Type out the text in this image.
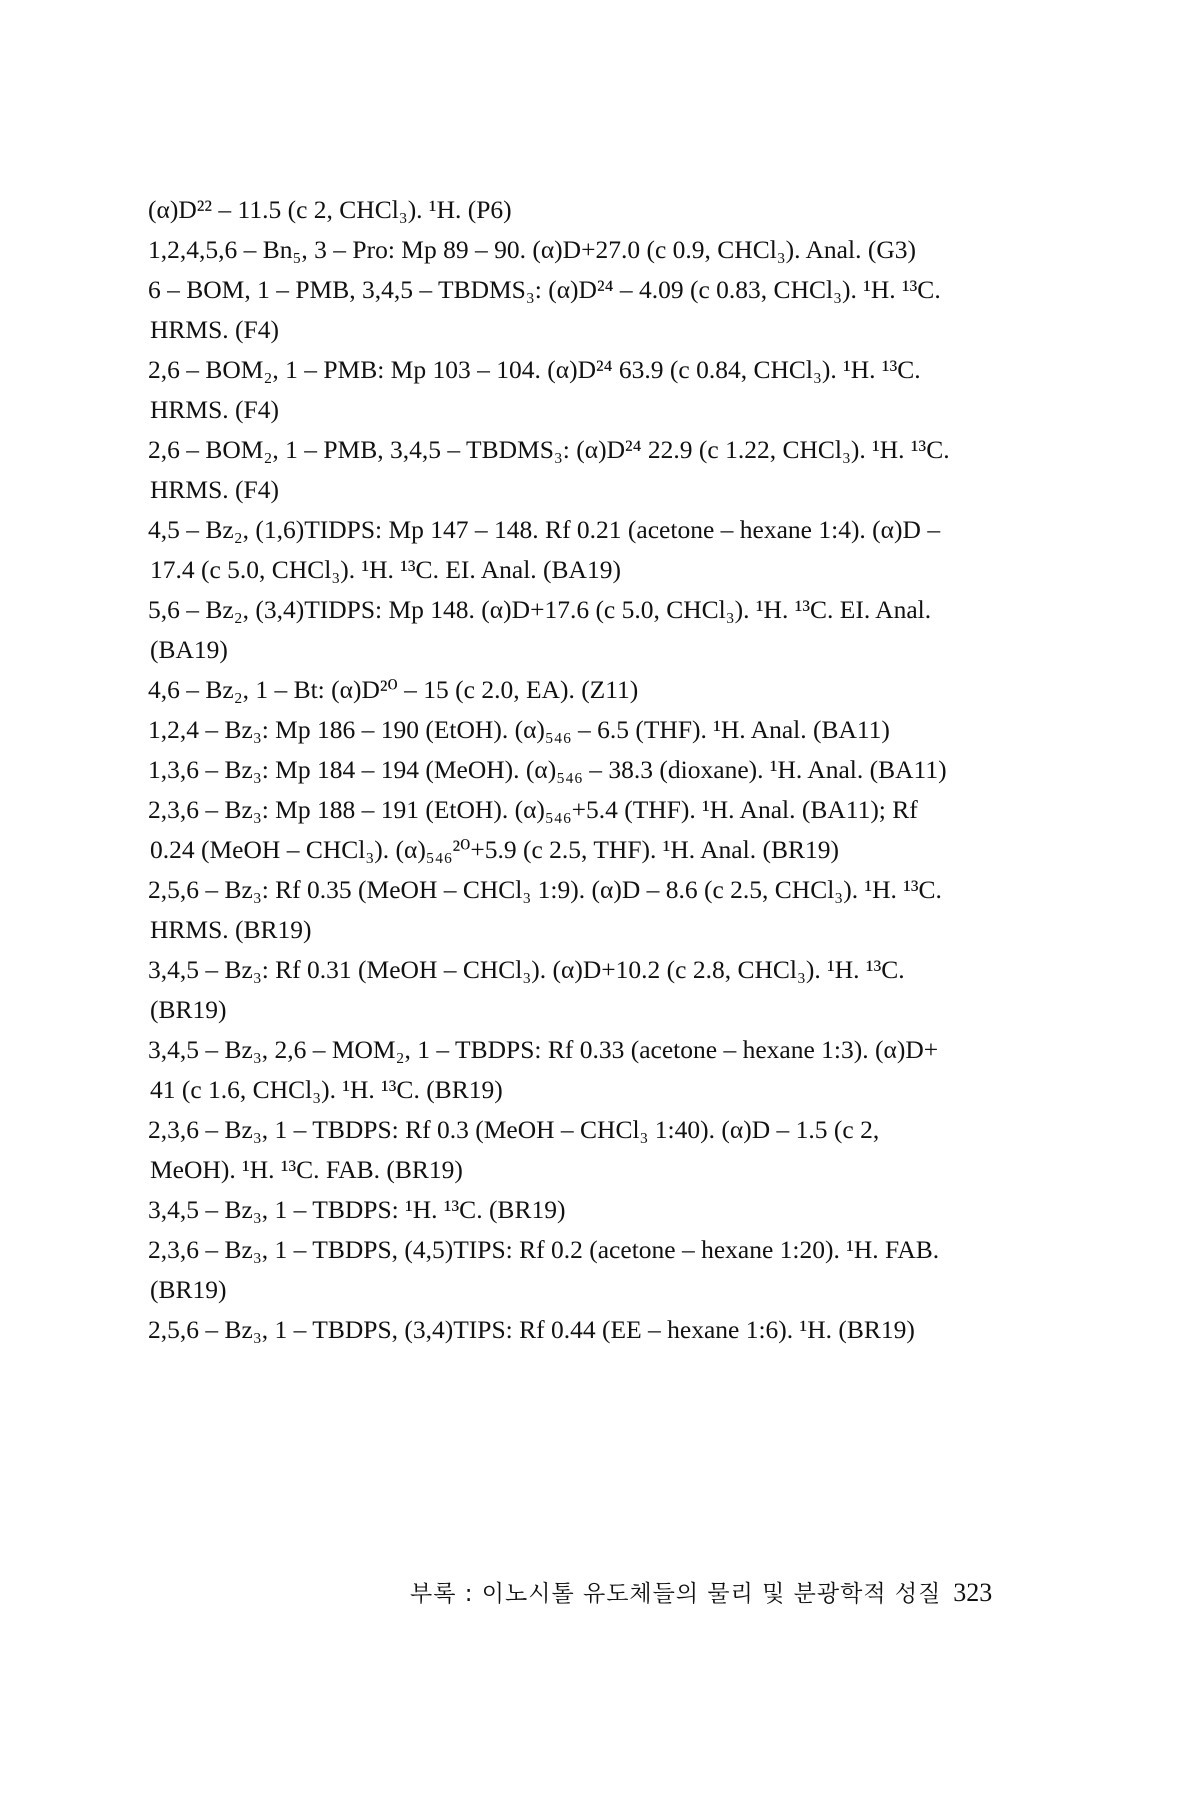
(α)D²² – 11.5 (c 2, CHCl₃). ¹H. (P6)
1,2,4,5,6 – Bn₅, 3 – Pro: Mp 89 – 90. (α)D+27.0 (c 0.9, CHCl₃). Anal. (G3)
6 – BOM, 1 – PMB, 3,4,5 – TBDMS₃: (α)D²⁴ – 4.09 (c 0.83, CHCl₃). ¹H. ¹³C.
HRMS. (F4)
2,6 – BOM₂, 1 – PMB: Mp 103 – 104. (α)D²⁴ 63.9 (c 0.84, CHCl₃). ¹H. ¹³C.
HRMS. (F4)
2,6 – BOM₂, 1 – PMB, 3,4,5 – TBDMS₃: (α)D²⁴ 22.9 (c 1.22, CHCl₃). ¹H. ¹³C.
HRMS. (F4)
4,5 – Bz₂, (1,6)TIDPS: Mp 147 – 148. Rf 0.21 (acetone – hexane 1:4). (α)D –
17.4 (c 5.0, CHCl₃). ¹H. ¹³C. EI. Anal. (BA19)
5,6 – Bz₂, (3,4)TIDPS: Mp 148. (α)D+17.6 (c 5.0, CHCl₃). ¹H. ¹³C. EI. Anal.
(BA19)
4,6 – Bz₂, 1 – Bt: (α)D²⁰ – 15 (c 2.0, EA). (Z11)
1,2,4 – Bz₃: Mp 186 – 190 (EtOH). (α)₅₄₆ – 6.5 (THF). ¹H. Anal. (BA11)
1,3,6 – Bz₃: Mp 184 – 194 (MeOH). (α)₅₄₆ – 38.3 (dioxane). ¹H. Anal. (BA11)
2,3,6 – Bz₃: Mp 188 – 191 (EtOH). (α)₅₄₆+5.4 (THF). ¹H. Anal. (BA11); Rf
0.24 (MeOH – CHCl₃). (α)₅₄₆²⁰+5.9 (c 2.5, THF). ¹H. Anal. (BR19)
2,5,6 – Bz₃: Rf 0.35 (MeOH – CHCl₃ 1:9). (α)D – 8.6 (c 2.5, CHCl₃). ¹H. ¹³C.
HRMS. (BR19)
3,4,5 – Bz₃: Rf 0.31 (MeOH – CHCl₃). (α)D+10.2 (c 2.8, CHCl₃). ¹H. ¹³C.
(BR19)
3,4,5 – Bz₃, 2,6 – MOM₂, 1 – TBDPS: Rf 0.33 (acetone – hexane 1:3). (α)D+
41 (c 1.6, CHCl₃). ¹H. ¹³C. (BR19)
2,3,6 – Bz₃, 1 – TBDPS: Rf 0.3 (MeOH – CHCl₃ 1:40). (α)D – 1.5 (c 2,
MeOH). ¹H. ¹³C. FAB. (BR19)
3,4,5 – Bz₃, 1 – TBDPS: ¹H. ¹³C. (BR19)
2,3,6 – Bz₃, 1 – TBDPS, (4,5)TIPS: Rf 0.2 (acetone – hexane 1:20). ¹H. FAB.
(BR19)
2,5,6 – Bz₃, 1 – TBDPS, (3,4)TIPS: Rf 0.44 (EE – hexane 1:6). ¹H. (BR19)
부록 : 이노시톨 유도체들의 물리 및 분광학적 성질 323
